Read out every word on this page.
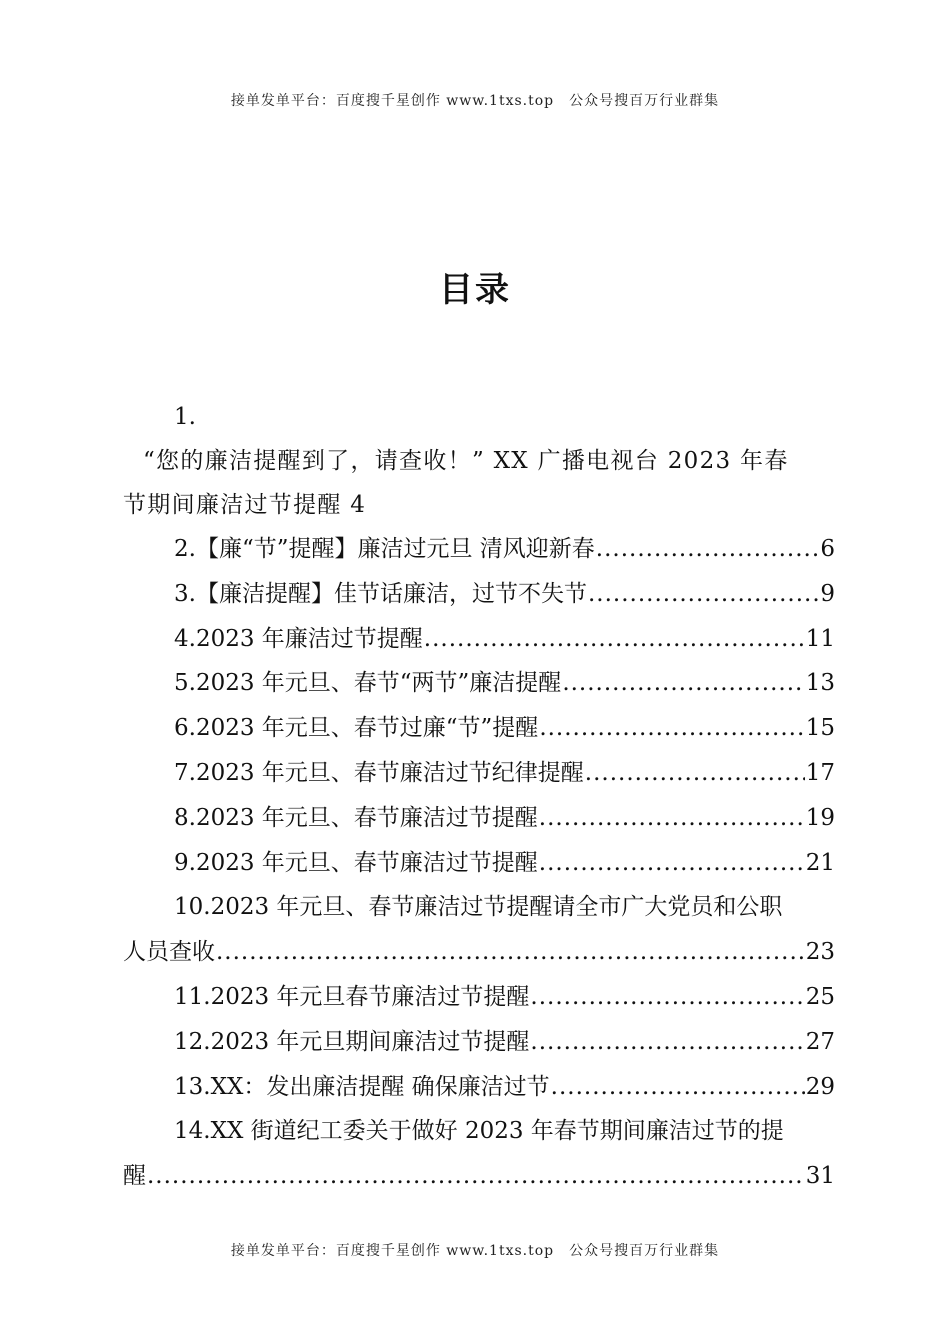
接单发单平台：百度搜千星创作 www.1txs.top　公众号搜百万行业群集
目录
1.
“您的廉洁提醒到了，请查收！” XX 广播电视台 2023 年春
节期间廉洁过节提醒 4
2.【廉“节”提醒】廉洁过元旦 清风迎新春 .....	6
3.【廉洁提醒】佳节话廉洁，过节不失节 .....	9
4.2023 年廉洁过节提醒 .....	11
5.2023 年元旦、春节“两节”廉洁提醒 .....	13
6.2023 年元旦、春节过廉“节”提醒 .....	15
7.2023 年元旦、春节廉洁过节纪律提醒 .....	17
8.2023 年元旦、春节廉洁过节提醒 .....	19
9.2023 年元旦、春节廉洁过节提醒 .....	21
10.2023 年元旦、春节廉洁过节提醒请全市广大党员和公职
人员查收 .....	23
11.2023 年元旦春节廉洁过节提醒 .....	25
12.2023 年元旦期间廉洁过节提醒 .....	27
13.XX：发出廉洁提醒 确保廉洁过节 .....	29
14.XX 街道纪工委关于做好 2023 年春节期间廉洁过节的提
醒 .....	31
接单发单平台：百度搜千星创作 www.1txs.top　公众号搜百万行业群集
